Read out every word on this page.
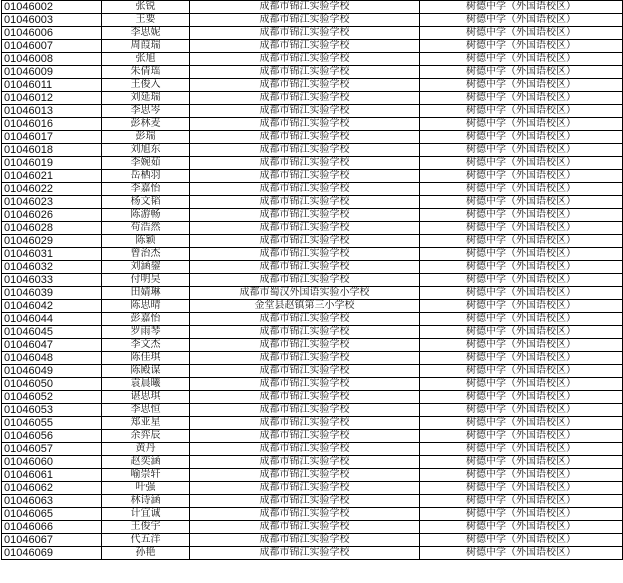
01046002	张锐	成都市锦江实验学校	树德中学（外国语校区）
01046003	王要	成都市锦江实验学校	树德中学（外国语校区）
01046006	李思妮	成都市锦江实验学校	树德中学（外国语校区）
01046007	周葭瑞	成都市锦江实验学校	树德中学（外国语校区）
01046008	张旭	成都市锦江实验学校	树德中学（外国语校区）
01046009	朱倩瑶	成都市锦江实验学校	树德中学（外国语校区）
01046011	王俊入	成都市锦江实验学校	树德中学（外国语校区）
01046012	刘延瑞	成都市锦江实验学校	树德中学（外国语校区）
01046013	李思岑	成都市锦江实验学校	树德中学（外国语校区）
01046016	彭林麦	成都市锦江实验学校	树德中学（外国语校区）
01046017	彭瑞	成都市锦江实验学校	树德中学（外国语校区）
01046018	刘旭东	成都市锦江实验学校	树德中学（外国语校区）
01046019	李婉茹	成都市锦江实验学校	树德中学（外国语校区）
01046021	岳栖羽	成都市锦江实验学校	树德中学（外国语校区）
01046022	李嘉怡	成都市锦江实验学校	树德中学（外国语校区）
01046023	杨文韬	成都市锦江实验学校	树德中学（外国语校区）
01046026	陈游畅	成都市锦江实验学校	树德中学（外国语校区）
01046028	苟浩然	成都市锦江实验学校	树德中学（外国语校区）
01046029	陈颖	成都市锦江实验学校	树德中学（外国语校区）
01046031	曾治杰	成都市锦江实验学校	树德中学（外国语校区）
01046032	刘涵鋆	成都市锦江实验学校	树德中学（外国语校区）
01046033	付明昊	成都市锦江实验学校	树德中学（外国语校区）
01046039	田婧琳	成都市蜀汉外国语实验小学校	树德中学（外国语校区）
01046042	陈思晴	金堂县赵镇第三小学校	树德中学（外国语校区）
01046044	彭嘉怡	成都市锦江实验学校	树德中学（外国语校区）
01046045	罗雨琴	成都市锦江实验学校	树德中学（外国语校区）
01046047	李文杰	成都市锦江实验学校	树德中学（外国语校区）
01046048	陈佳琪	成都市锦江实验学校	树德中学（外国语校区）
01046049	陈殿谋	成都市锦江实验学校	树德中学（外国语校区）
01046050	袁晨曦	成都市锦江实验学校	树德中学（外国语校区）
01046052	谌思琪	成都市锦江实验学校	树德中学（外国语校区）
01046053	李思恒	成都市锦江实验学校	树德中学（外国语校区）
01046055	郑亚星	成都市锦江实验学校	树德中学（外国语校区）
01046056	余弈辰	成都市锦江实验学校	树德中学（外国语校区）
01046057	黄丹	成都市锦江实验学校	树德中学（外国语校区）
01046060	赵奕涵	成都市锦江实验学校	树德中学（外国语校区）
01046061	喻崇轩	成都市锦江实验学校	树德中学（外国语校区）
01046062	叶强	成都市锦江实验学校	树德中学（外国语校区）
01046063	林诗涵	成都市锦江实验学校	树德中学（外国语校区）
01046065	计宜诚	成都市锦江实验学校	树德中学（外国语校区）
01046066	王俊宇	成都市锦江实验学校	树德中学（外国语校区）
01046067	代五洋	成都市锦江实验学校	树德中学（外国语校区）
01046069	孙艳	成都市锦江实验学校	树德中学（外国语校区）
